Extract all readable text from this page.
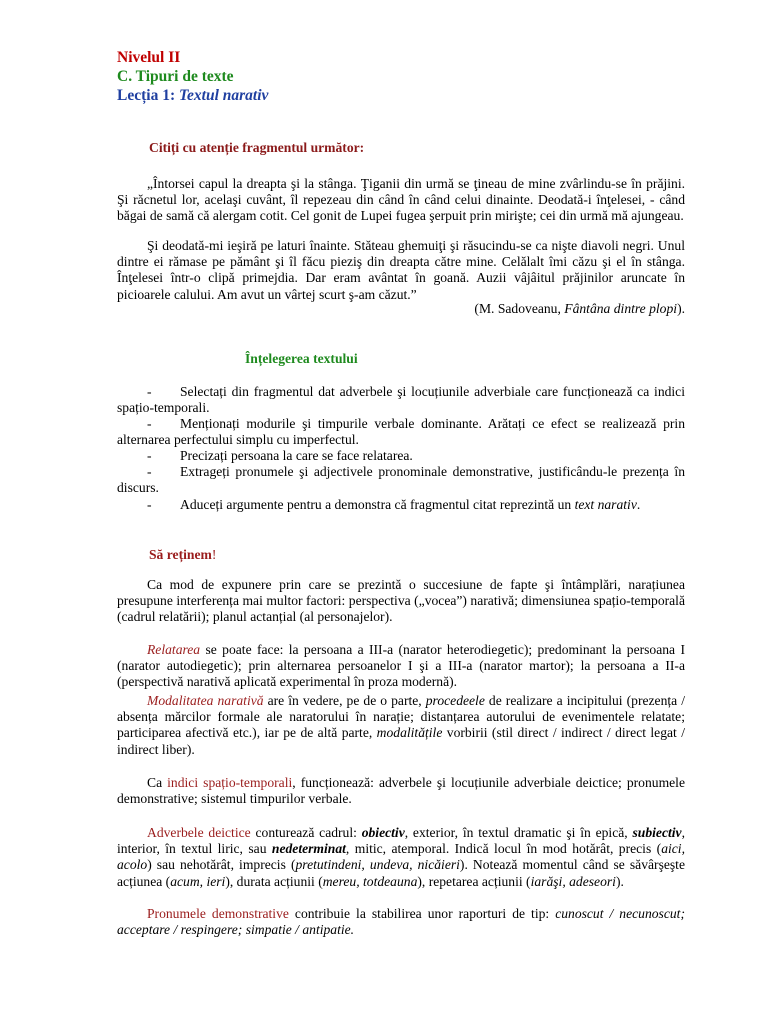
Nivelul II
C. Tipuri de texte
Lecția 1: Textul narativ
Citiți cu atenție fragmentul următor:

„Întorsei capul la dreapta şi la stânga. Ţiganii din urmă se ţineau de mine zvârlindu-se în prăjini. Şi răcnetul lor, acelaşi cuvânt, îl repezeau din când în când celui dinainte. Deodată-i înţelesei, - când băgai de samă că alergam cotit. Cel gonit de Lupei fugea şerpuit prin mirişte; cei din urmă mă ajungeau.

Şi deodată-mi ieşiră pe laturi înainte. Stăteau ghemuiţi şi răsucindu-se ca nişte diavoli negri. Unul dintre ei rămase pe pământ şi îl făcu pieziş din dreapta către mine. Celălalt îmi căzu şi el în stânga. Înţelesei într-o clipă primejdia. Dar eram avântat în goană. Auzii vâjâitul prăjinilor aruncate în picioarele calului. Am avut un vârtej scurt ş-am căzut.”

(M. Sadoveanu, Fântâna dintre plopi).
Înțelegerea textului
- Selectați din fragmentul dat adverbele şi locuțiunile adverbiale care funcționează ca indici spațio-temporali.
- Menționați modurile şi timpurile verbale dominante. Arătați ce efect se realizează prin alternarea perfectului simplu cu imperfectul.
- Precizați persoana la care se face relatarea.
- Extrageți pronumele şi adjectivele pronominale demonstrative, justificându-le prezența în discurs.
- Aduceți argumente pentru a demonstra că fragmentul citat reprezintă un text narativ.
Să reținem!

Ca mod de expunere prin care se prezintă o succesiune de fapte şi întâmplări, narațiunea presupune interferența mai multor factori: perspectiva („vocea”) narativă; dimensiunea spațio-temporală (cadrul relatării); planul actanțial (al personajelor).

Relatarea se poate face: la persoana a III-a (narator heterodiegetic); predominant la persoana I (narator autodiegetic); prin alternarea persoanelor I şi a III-a (narator martor); la persoana a II-a (perspectivă narativă aplicată experimental în proza modernă).

Modalitatea narativă are în vedere, pe de o parte, procedeele de realizare a incipitului (prezența / absența mărcilor formale ale naratorului în narație; distanțarea autorului de evenimentele relatate; participarea afectivă etc.), iar pe de altă parte, modalitățile vorbirii (stil direct / indirect / direct legat / indirect liber).

Ca indici spațio-temporali, funcționează: adverbele şi locuțiunile adverbiale deictice; pronumele demonstrative; sistemul timpurilor verbale.

Adverbele deictice conturează cadrul: obiectiv, exterior, în textul dramatic şi în epică, subiectiv, interior, în textul liric, sau nedeterminat, mitic, atemporal. Indică locul în mod hotărât, precis (aici, acolo) sau nehotărât, imprecis (pretutindeni, undeva, nicăieri). Notează momentul când se săvârşeşte acțiunea (acum, ieri), durata acțiunii (mereu, totdeauna), repetarea acțiunii (iarăşi, adeseori).

Pronumele demonstrative contribuie la stabilirea unor raporturi de tip: cunoscut / necunoscut; acceptare / respingere; simpatie / antipatie.
